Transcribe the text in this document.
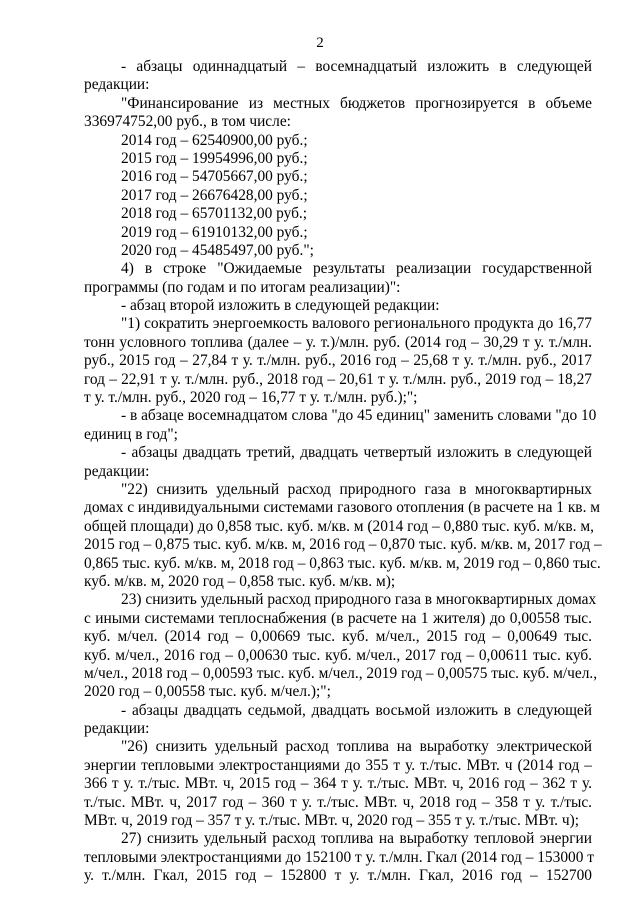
2
- абзацы одиннадцатый – восемнадцатый изложить в следующей
редакции:
"Финансирование из местных бюджетов прогнозируется в объеме
336974752,00 руб., в том числе:
2014 год – 62540900,00 руб.;
2015 год – 19954996,00 руб.;
2016 год – 54705667,00 руб.;
2017 год – 26676428,00 руб.;
2018 год – 65701132,00 руб.;
2019 год – 61910132,00 руб.;
2020 год – 45485497,00 руб.";
4) в строке "Ожидаемые результаты реализации государственной
программы (по годам и по итогам реализации)":
- абзац второй изложить в следующей редакции:
"1) сократить энергоемкость валового регионального продукта до 16,77
тонн условного топлива (далее – у. т.)/млн. руб. (2014 год – 30,29 т у. т./млн.
руб., 2015 год – 27,84 т у. т./млн. руб., 2016 год – 25,68 т у. т./млн. руб., 2017
год – 22,91 т у. т./млн. руб., 2018 год – 20,61 т у. т./млн. руб., 2019 год – 18,27
т у. т./млн. руб., 2020 год – 16,77 т у. т./млн. руб.);";
- в абзаце восемнадцатом слова "до 45 единиц" заменить словами "до 10
единиц в год";
- абзацы двадцать третий, двадцать четвертый изложить в следующей
редакции:
"22) снизить удельный расход природного газа в многоквартирных
домах с индивидуальными системами газового отопления (в расчете на 1 кв. м
общей площади) до 0,858 тыс. куб. м/кв. м (2014 год – 0,880 тыс. куб. м/кв. м,
2015 год – 0,875 тыс. куб. м/кв. м, 2016 год – 0,870 тыс. куб. м/кв. м, 2017 год –
0,865 тыс. куб. м/кв. м, 2018 год – 0,863 тыс. куб. м/кв. м, 2019 год – 0,860 тыс.
куб. м/кв. м, 2020 год – 0,858 тыс. куб. м/кв. м);
23) снизить удельный расход природного газа в многоквартирных домах
с иными системами теплоснабжения (в расчете на 1 жителя) до 0,00558 тыс.
куб. м/чел. (2014 год – 0,00669 тыс. куб. м/чел., 2015 год – 0,00649 тыс.
куб. м/чел., 2016 год – 0,00630 тыс. куб. м/чел., 2017 год – 0,00611 тыс. куб.
м/чел., 2018 год – 0,00593 тыс. куб. м/чел., 2019 год – 0,00575 тыс. куб. м/чел.,
2020 год – 0,00558 тыс. куб. м/чел.);";
- абзацы двадцать седьмой, двадцать восьмой изложить в следующей
редакции:
"26) снизить удельный расход топлива на выработку электрической
энергии тепловыми электростанциями до 355 т у. т./тыс. МВт. ч (2014 год –
366 т у. т./тыс. МВт. ч, 2015 год – 364 т у. т./тыс. МВт. ч, 2016 год – 362 т у.
т./тыс. МВт. ч, 2017 год – 360 т у. т./тыс. МВт. ч, 2018 год – 358 т у. т./тыс.
МВт. ч, 2019 год – 357 т у. т./тыс. МВт. ч, 2020 год – 355 т у. т./тыс. МВт. ч);
27) снизить удельный расход топлива на выработку тепловой энергии
тепловыми электростанциями до 152100 т у. т./млн. Гкал (2014 год – 153000 т
у. т./млн. Гкал, 2015 год – 152800 т у. т./млн. Гкал, 2016 год – 152700
